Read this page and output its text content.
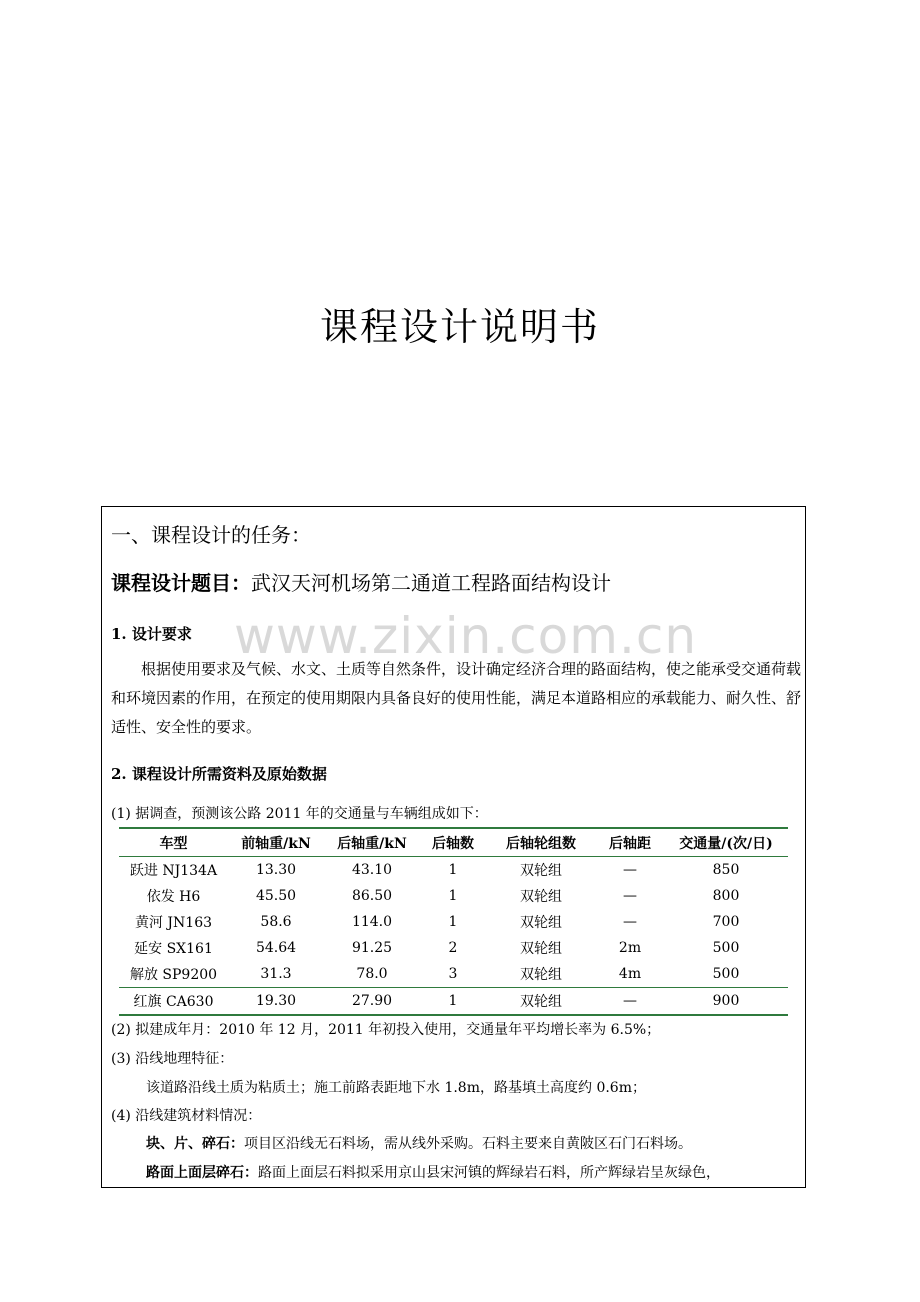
课程设计说明书
www.zixin.com.cn
一、课程设计的任务：
课程设计题目：武汉天河机场第二通道工程路面结构设计
1. 设计要求

根据使用要求及气候、水文、土质等自然条件，设计确定经济合理的路面结构，使之能承受交通荷载和环境因素的作用，在预定的使用期限内具备良好的使用性能，满足本道路相应的承载能力、耐久性、舒适性、安全性的要求。

2. 课程设计所需资料及原始数据
(1) 据调查，预测该公路 2011 年的交通量与车辆组成如下：
车型	前轴重/kN	后轴重/kN	后轴数	后轴轮组数	后轴距	交通量/(次/日)
跃进 NJ134A	13.30	43.10	1	双轮组	—	850
依发 H6	45.50	86.50	1	双轮组	—	800
黄河 JN163	58.6	114.0	1	双轮组	—	700
延安 SX161	54.64	91.25	2	双轮组	2m	500
解放 SP9200	31.3	78.0	3	双轮组	4m	500
红旗 CA630	19.30	27.90	1	双轮组	—	900
(2) 拟建成年月：2010 年 12 月，2011 年初投入使用，交通量年平均增长率为 6.5%；
(3) 沿线地理特征：
该道路沿线土质为粘质土；施工前路表距地下水 1.8m，路基填土高度约 0.6m；
(4) 沿线建筑材料情况：
块、片、碎石：项目区沿线无石料场，需从线外采购。石料主要来自黄陂区石门石料场。
路面上面层碎石：路面上面层石料拟采用京山县宋河镇的辉绿岩石料，所产辉绿岩呈灰绿色，
